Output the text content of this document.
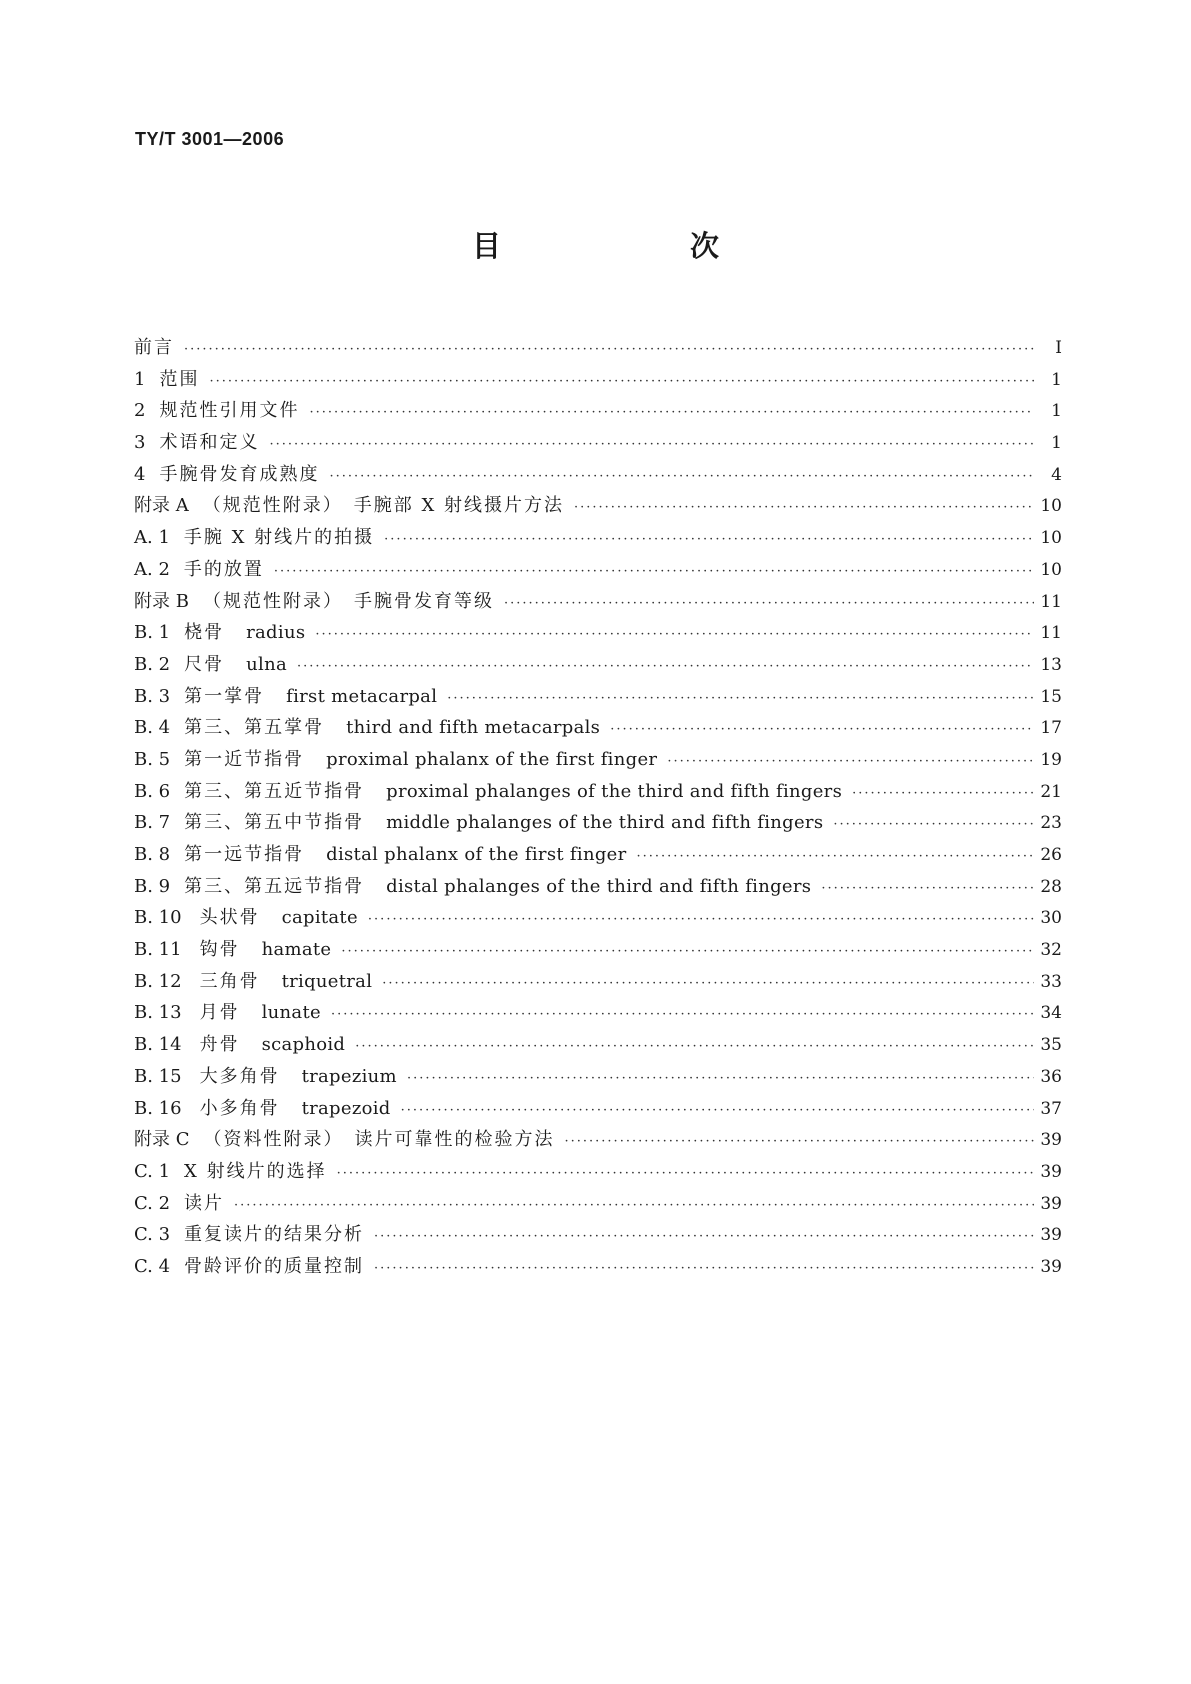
TY/T 3001—2006
目　次
前言 ·····	I
1 范围 ·····	1
2 规范性引用文件 ·····	1
3 术语和定义 ·····	1
4 手腕骨发育成熟度 ·····	4
附录 A （规范性附录）　手腕部 X 射线摄片方法 ·····	10
A. 1 手腕 X 射线片的拍摄 ·····	10
A. 2 手的放置 ·····	10
附录 B （规范性附录）　手腕骨发育等级 ·····	11
B. 1 桡骨 radius ·····	11
B. 2 尺骨 ulna ·····	13
B. 3 第一掌骨 first metacarpal ·····	15
B. 4 第三、第五掌骨 third and fifth metacarpals ·····	17
B. 5 第一近节指骨 proximal phalanx of the first finger ·····	19
B. 6 第三、第五近节指骨 proximal phalanges of the third and fifth fingers ·····	21
B. 7 第三、第五中节指骨 middle phalanges of the third and fifth fingers ·····	23
B. 8 第一远节指骨 distal phalanx of the first finger ·····	26
B. 9 第三、第五远节指骨 distal phalanges of the third and fifth fingers ·····	28
B. 10 头状骨 capitate ·····	30
B. 11 钩骨 hamate ·····	32
B. 12 三角骨 triquetral ·····	33
B. 13 月骨 lunate ·····	34
B. 14 舟骨 scaphoid ·····	35
B. 15 大多角骨 trapezium ·····	36
B. 16 小多角骨 trapezoid ·····	37
附录 C （资料性附录）　读片可靠性的检验方法 ·····	39
C. 1 X 射线片的选择 ·····	39
C. 2 读片 ·····	39
C. 3 重复读片的结果分析 ·····	39
C. 4 骨龄评价的质量控制 ·····	39
